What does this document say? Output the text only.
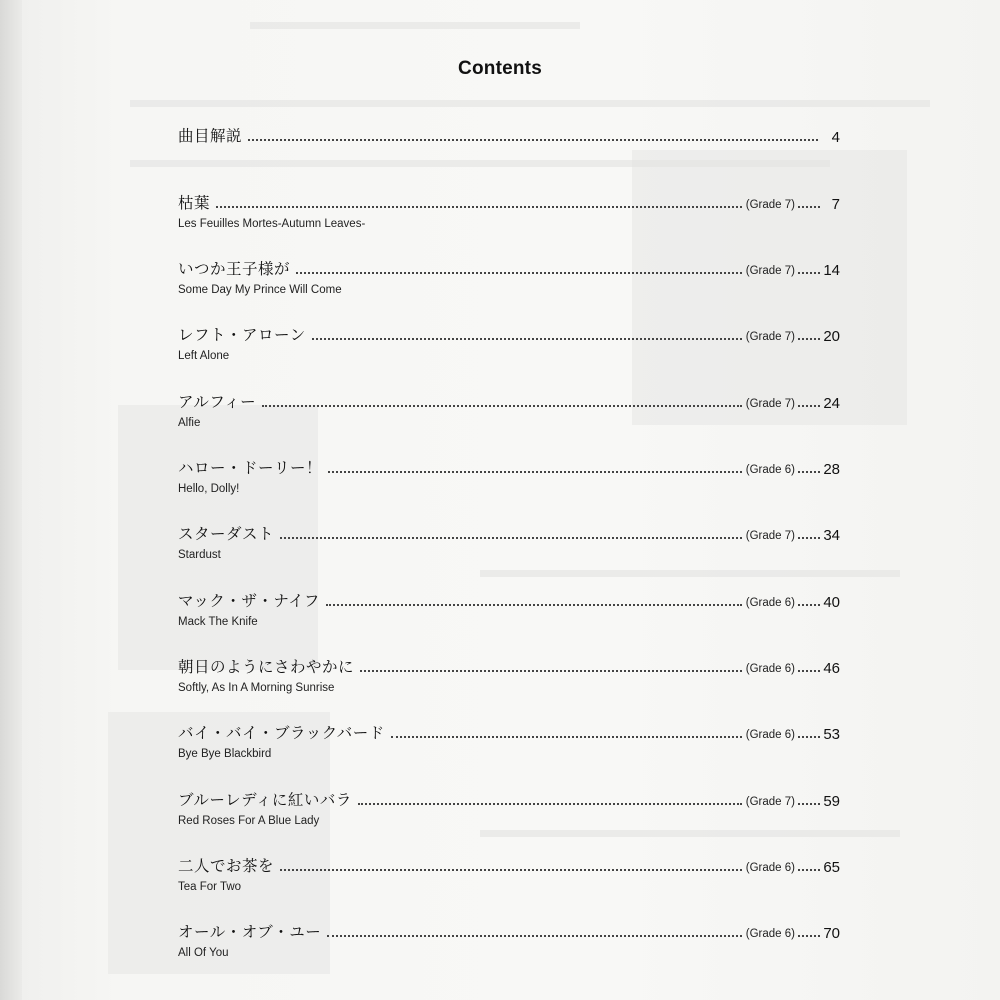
Contents
曲目解説	4
枯葉	(Grade 7)	7
Les Feuilles Mortes-Autumn Leaves-
いつか王子様が	(Grade 7) 14
Some Day My Prince Will Come
レフト・アローン	(Grade 7) 20
Left Alone
アルフィー	(Grade 7) 24
Alfie
ハロー・ドーリー！	(Grade 6) 28
Hello, Dolly!
スターダスト	(Grade 7) 34
Stardust
マック・ザ・ナイフ	(Grade 6) 40
Mack The Knife
朝日のようにさわやかに	(Grade 6) 46
Softly, As In A Morning Sunrise
バイ・バイ・ブラックバード	(Grade 6) 53
Bye Bye Blackbird
ブルーレディに紅いバラ	(Grade 7) 59
Red Roses For A Blue Lady
二人でお茶を	(Grade 6) 65
Tea For Two
オール・オブ・ユー	(Grade 6) 70
All Of You
